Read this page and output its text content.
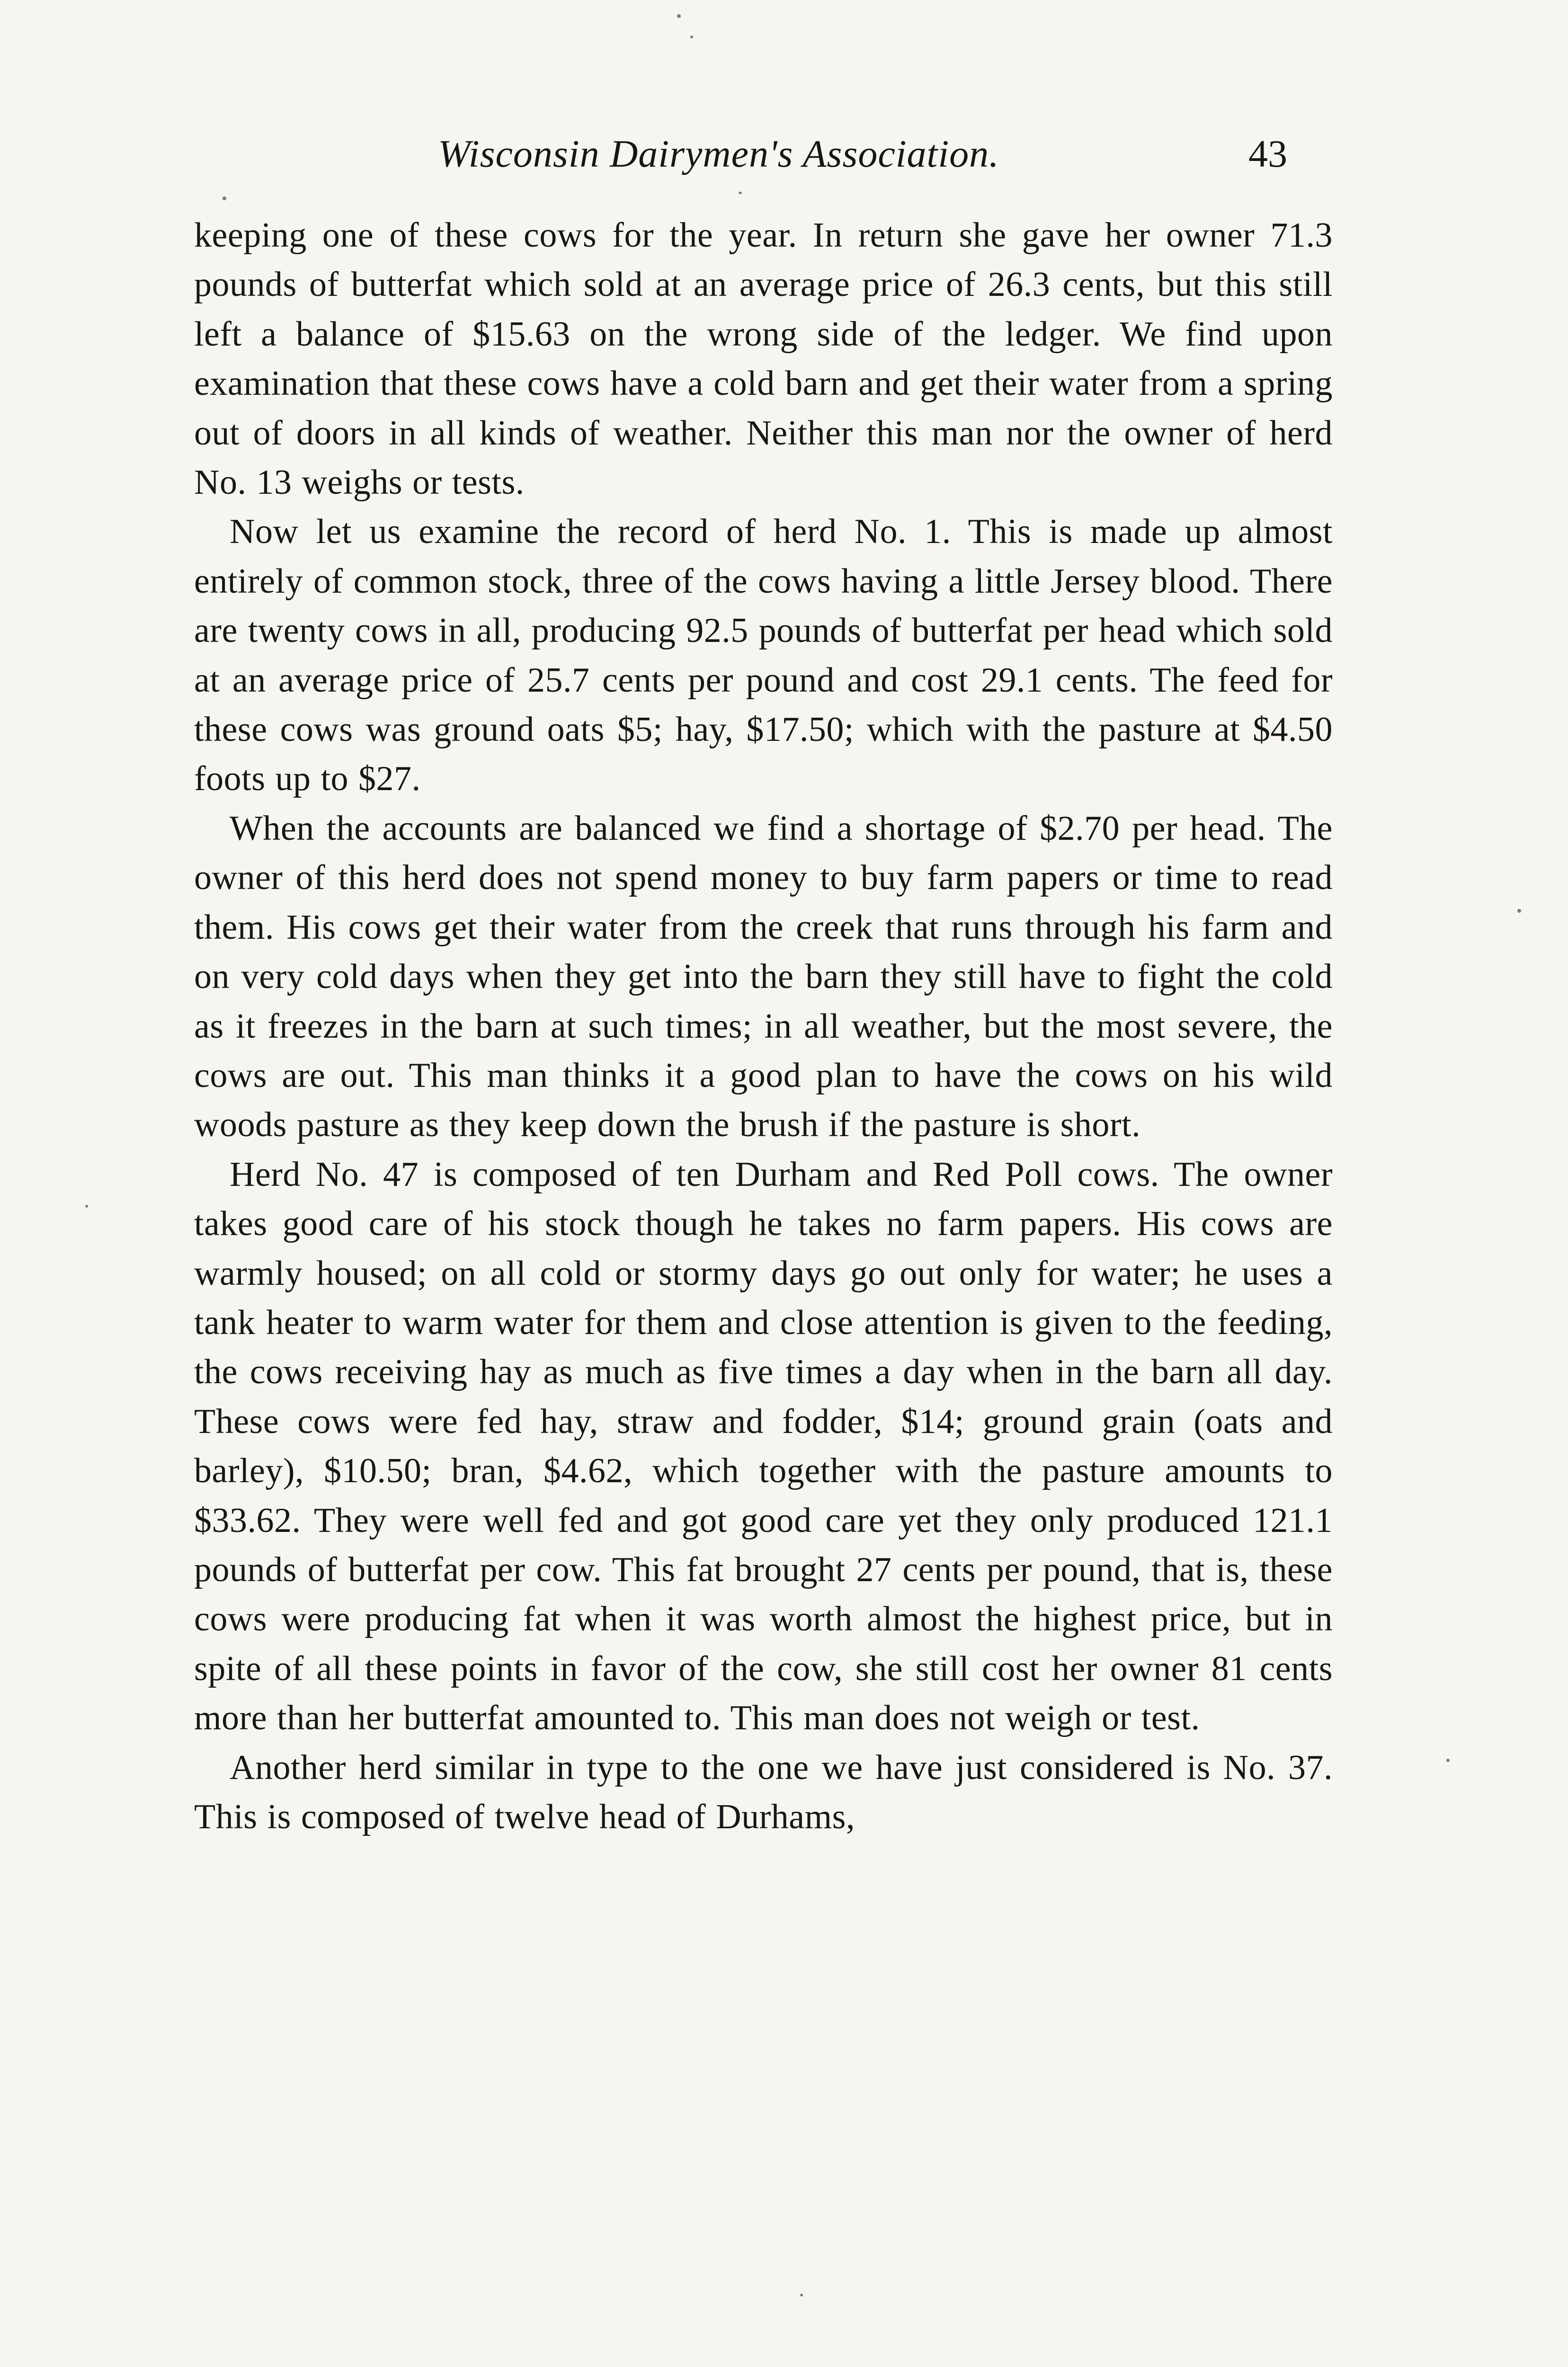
Wisconsin Dairymen's Association.	43

keeping one of these cows for the year. In return she gave her owner 71.3 pounds of butterfat which sold at an average price of 26.3 cents, but this still left a balance of $15.63 on the wrong side of the ledger. We find upon examination that these cows have a cold barn and get their water from a spring out of doors in all kinds of weather. Neither this man nor the owner of herd No. 13 weighs or tests.

Now let us examine the record of herd No. 1. This is made up almost entirely of common stock, three of the cows having a little Jersey blood. There are twenty cows in all, producing 92.5 pounds of butterfat per head which sold at an average price of 25.7 cents per pound and cost 29.1 cents. The feed for these cows was ground oats $5; hay, $17.50; which with the pasture at $4.50 foots up to $27.

When the accounts are balanced we find a shortage of $2.70 per head. The owner of this herd does not spend money to buy farm papers or time to read them. His cows get their water from the creek that runs through his farm and on very cold days when they get into the barn they still have to fight the cold as it freezes in the barn at such times; in all weather, but the most severe, the cows are out. This man thinks it a good plan to have the cows on his wild woods pasture as they keep down the brush if the pasture is short.

Herd No. 47 is composed of ten Durham and Red Poll cows. The owner takes good care of his stock though he takes no farm papers. His cows are warmly housed; on all cold or stormy days go out only for water; he uses a tank heater to warm water for them and close attention is given to the feeding, the cows receiving hay as much as five times a day when in the barn all day. These cows were fed hay, straw and fodder, $14; ground grain (oats and barley), $10.50; bran, $4.62, which together with the pasture amounts to $33.62. They were well fed and got good care yet they only produced 121.1 pounds of butterfat per cow. This fat brought 27 cents per pound, that is, these cows were producing fat when it was worth almost the highest price, but in spite of all these points in favor of the cow, she still cost her owner 81 cents more than her butterfat amounted to. This man does not weigh or test.

Another herd similar in type to the one we have just considered is No. 37. This is composed of twelve head of Durhams,
